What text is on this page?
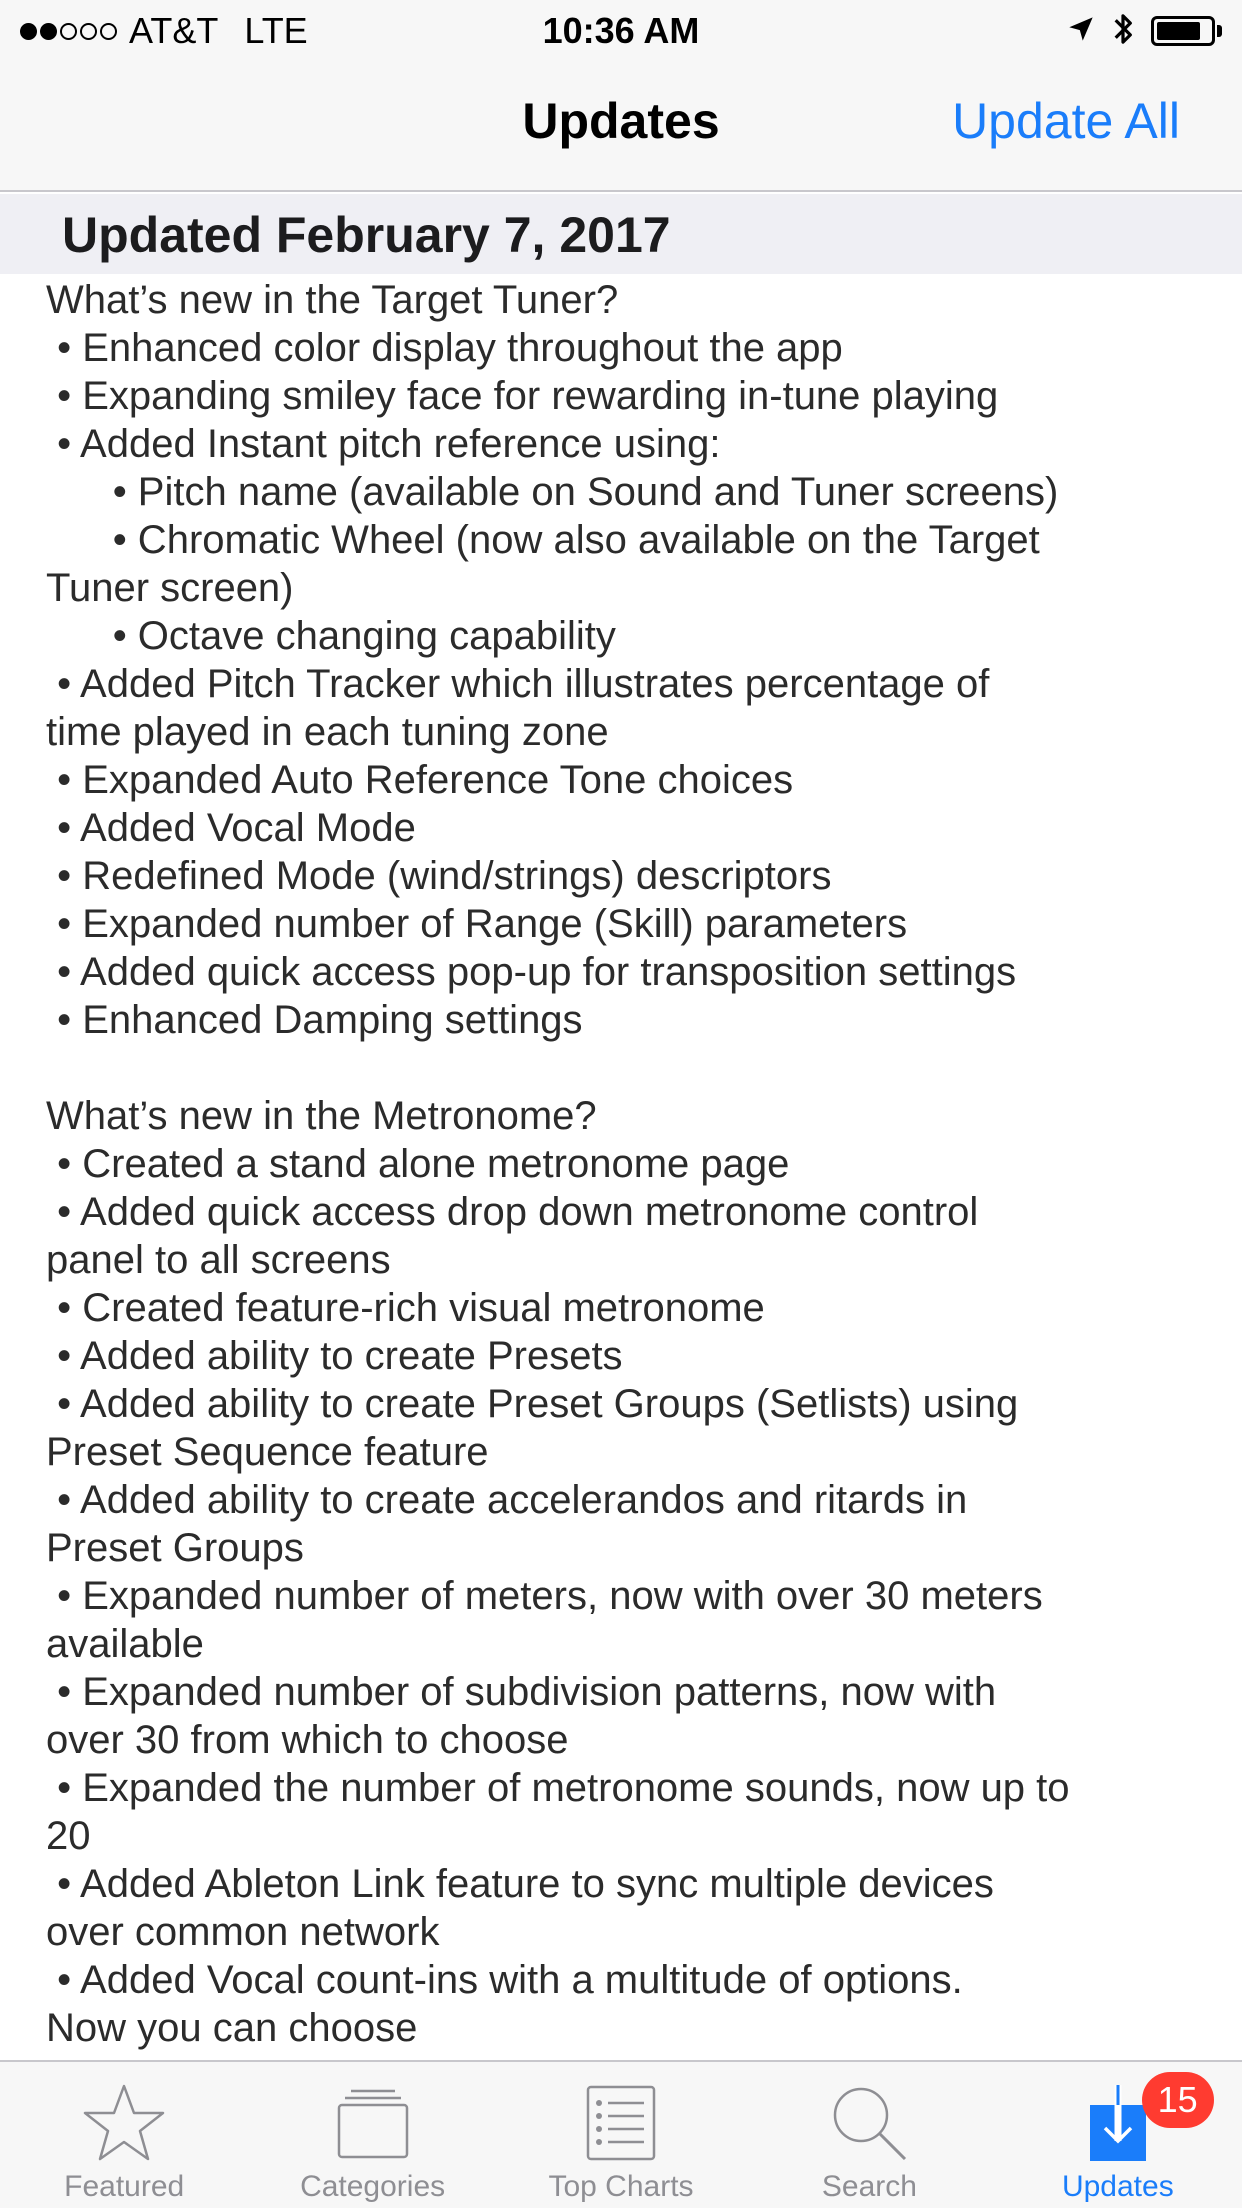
AT&T LTE	10:36 AM
Updates	Update All
Updated February 7, 2017
What’s new in the Target Tuner?
• Enhanced color display throughout the app
• Expanding smiley face for rewarding in-tune playing
• Added Instant pitch reference using:
• Pitch name (available on Sound and Tuner screens)
• Chromatic Wheel (now also available on the Target
Tuner screen)
• Octave changing capability
• Added Pitch Tracker which illustrates percentage of
time played in each tuning zone
• Expanded Auto Reference Tone choices
• Added Vocal Mode
• Redefined Mode (wind/strings) descriptors
• Expanded number of Range (Skill) parameters
• Added quick access pop-up for transposition settings
• Enhanced Damping settings
What’s new in the Metronome?
• Created a stand alone metronome page
• Added quick access drop down metronome control
panel to all screens
• Created feature-rich visual metronome
• Added ability to create Presets
• Added ability to create Preset Groups (Setlists) using
Preset Sequence feature
• Added ability to create accelerandos and ritards in
Preset Groups
• Expanded number of meters, now with over 30 meters
available
• Expanded number of subdivision patterns, now with
over 30 from which to choose
• Expanded the number of metronome sounds, now up to
20
• Added Ableton Link feature to sync multiple devices
over common network
• Added Vocal count-ins with a multitude of options.
Now you can choose
Featured	Categories	Top Charts	Search
15
Updates
